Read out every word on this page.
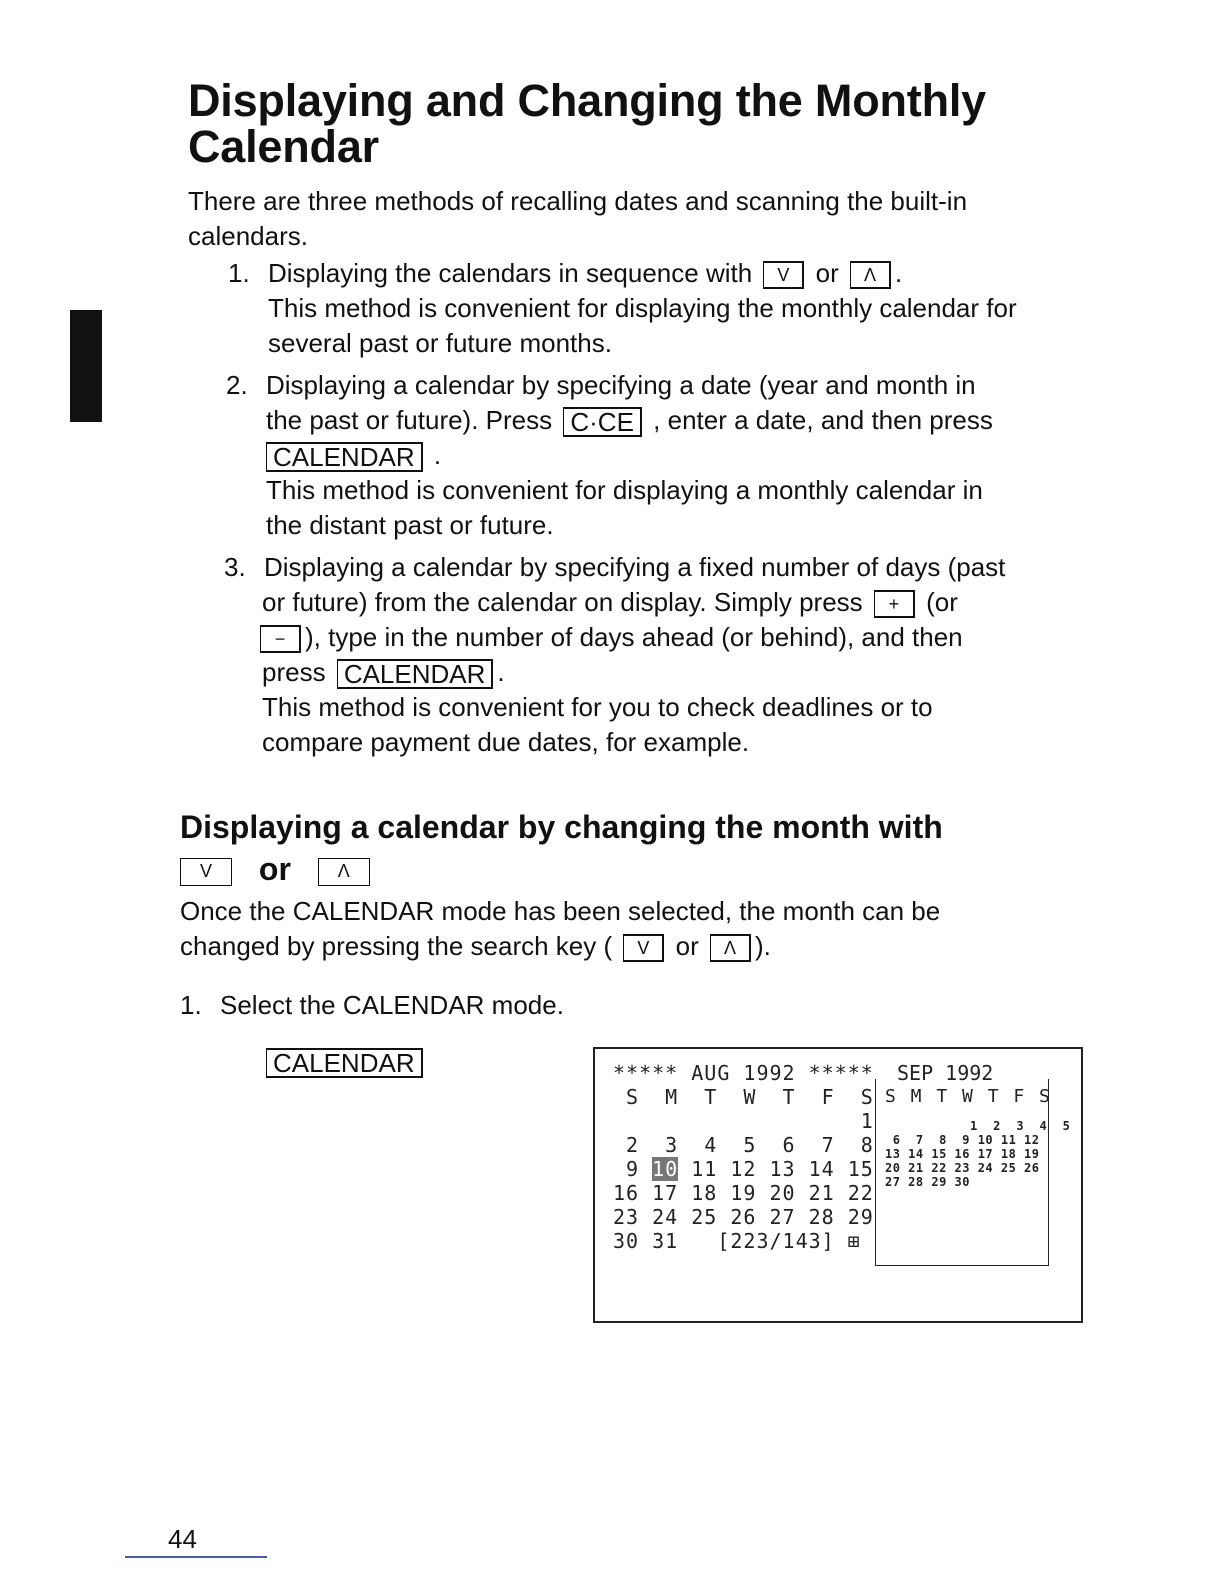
Displaying and Changing the Monthly
Calendar
There are three methods of recalling dates and scanning the built-in
calendars.
1. Displaying the calendars in sequence with V or Λ .
This method is convenient for displaying the monthly calendar for
several past or future months.
2. Displaying a calendar by specifying a date (year and month in
the past or future). Press C·CE , enter a date, and then press
CALENDAR .
This method is convenient for displaying a monthly calendar in
the distant past or future.
3. Displaying a calendar by specifying a fixed number of days (past
or future) from the calendar on display. Simply press + (or
− ), type in the number of days ahead (or behind), and then
press CALENDAR .
This method is convenient for you to check deadlines or to
compare payment due dates, for example.
Displaying a calendar by changing the month with
V or	Λ
Once the CALENDAR mode has been selected, the month can be
changed by pressing the search key ( V or Λ ).
1. Select the CALENDAR mode.
CALENDAR	***** AUG 1992 *****
S  M  T  W  T  F  S
1
2  3  4  5  6  7  8
9 10 11 12 13 14 15
16 17 18 19 20 21 22
23 24 25 26 27 28 29
30 31   [223/143] ⊞
SEP 1992
S M T W T F S
1  2  3  4  5
6  7  8  9 10 11 12
13 14 15 16 17 18 19
20 21 22 23 24 25 26
27 28 29 30
44
